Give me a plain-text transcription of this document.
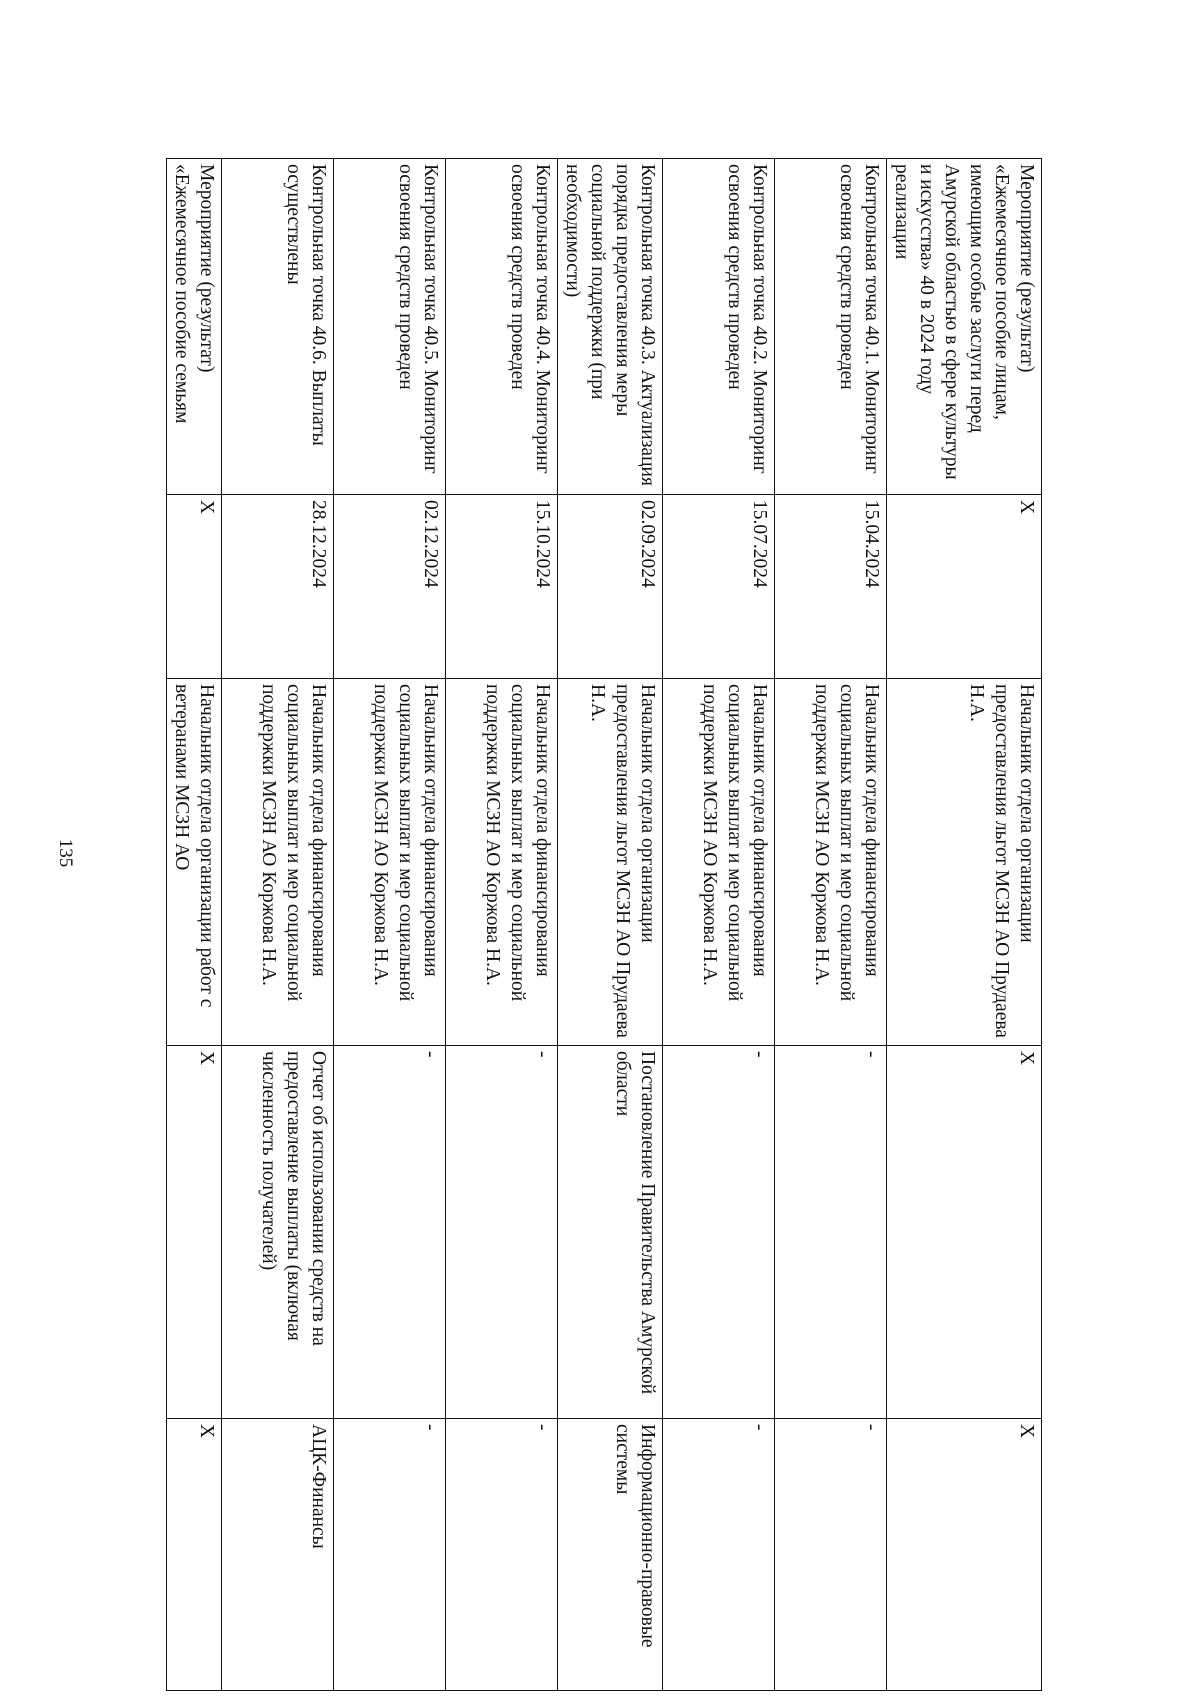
135
Мероприятие (результат) «Ежемесячное пособие лицам, имеющим особые заслуги перед Амурской областью в сфере культуры и искусства» 40 в 2024 году реализации	X	Начальник отдела организации предоставления льгот МСЗН АО Прудаева Н.А.	X	X
Контрольная точка 40.1. Мониторинг освоения средств проведен	15.04.2024	Начальник отдела финансирования социальных выплат и мер социальной поддержки МСЗН АО Коржова Н.А.	-	-
Контрольная точка 40.2. Мониторинг освоения средств проведен	15.07.2024	Начальник отдела финансирования социальных выплат и мер социальной поддержки МСЗН АО Коржова Н.А.	-	-
Контрольная точка 40.3. Актуализация порядка предоставления меры социальной поддержки (при необходимости)	02.09.2024	Начальник отдела организации предоставления льгот МСЗН АО Прудаева Н.А.	Постановление Правительства Амурской области	Информационно-правовые системы
Контрольная точка 40.4. Мониторинг освоения средств проведен	15.10.2024	Начальник отдела финансирования социальных выплат и мер социальной поддержки МСЗН АО Коржова Н.А.	-	-
Контрольная точка 40.5. Мониторинг освоения средств проведен	02.12.2024	Начальник отдела финансирования социальных выплат и мер социальной поддержки МСЗН АО Коржова Н.А.	-	-
Контрольная точка 40.6. Выплаты осуществлены	28.12.2024	Начальник отдела финансирования социальных выплат и мер социальной поддержки МСЗН АО Коржова Н.А.	Отчет об использовании средств на предоставление выплаты (включая численность получателей)	АЦК-Финансы
Мероприятие (результат) «Ежемесячное пособие семьям	X	Начальник отдела организации работ с ветеранами МСЗН АО	X	X
